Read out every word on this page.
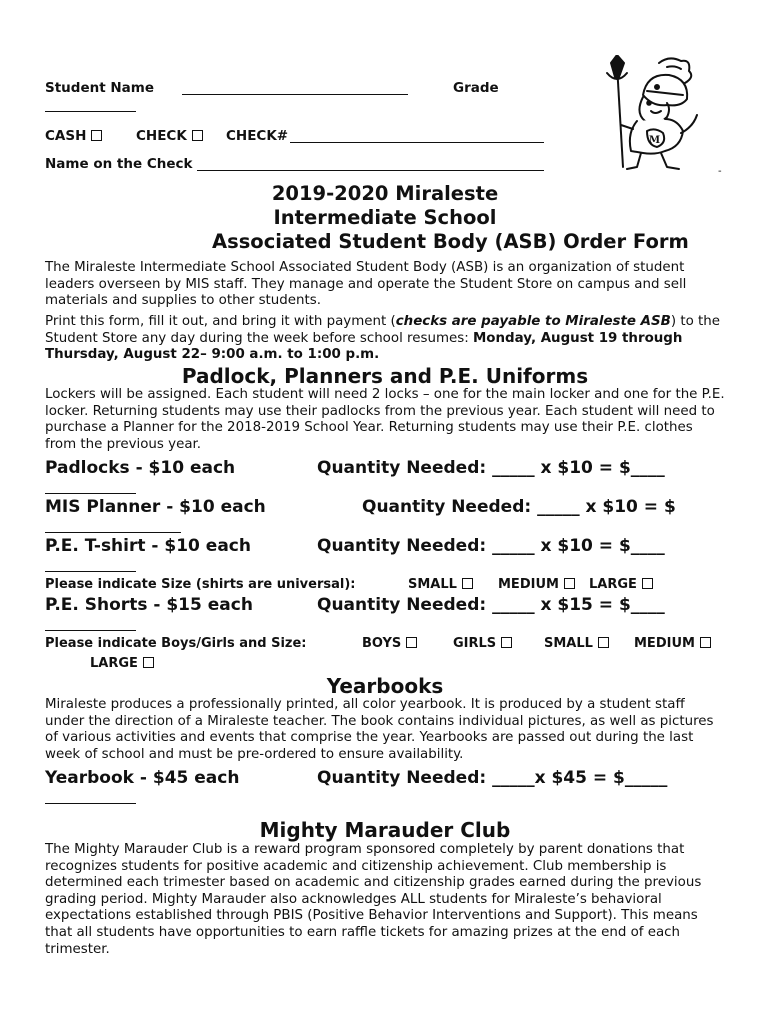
Student Name	Grade
CASH	CHECK	CHECK#
Name on the Check
M
-
2019-2020 Miraleste
Intermediate School
Associated Student Body (ASB) Order Form
The Miraleste Intermediate School Associated Student Body (ASB) is an organization of student leaders overseen by MIS staff. They manage and operate the Student Store on campus and sell materials and supplies to other students.
Print this form, fill it out, and bring it with payment (checks are payable to Miraleste ASB) to the Student Store any day during the week before school resumes: Monday, August 19 through Thursday, August 22– 9:00 a.m. to 1:00 p.m.
Padlock, Planners and P.E. Uniforms
Lockers will be assigned. Each student will need 2 locks – one for the main locker and one for the P.E. locker. Returning students may use their padlocks from the previous year. Each student will need to purchase a Planner for the 2018-2019 School Year. Returning students may use their P.E. clothes from the previous year.
Padlocks - $10 each	Quantity Needed: _____ x $10 = $____
MIS Planner - $10 each	Quantity Needed: _____ x $10 = $
P.E. T-shirt - $10 each	Quantity Needed: _____ x $10 = $____
Please indicate Size (shirts are universal):	SMALL	MEDIUM	LARGE
P.E. Shorts - $15 each	Quantity Needed: _____ x $15 = $____
Please indicate Boys/Girls and Size:	BOYS	GIRLS	SMALL	MEDIUM
LARGE
Yearbooks
Miraleste produces a professionally printed, all color yearbook. It is produced by a student staff under the direction of a Miraleste teacher. The book contains individual pictures, as well as pictures of various activities and events that comprise the year. Yearbooks are passed out during the last week of school and must be pre-ordered to ensure availability.
Yearbook - $45 each	Quantity Needed: _____x $45 = $_____
Mighty Marauder Club
The Mighty Marauder Club is a reward program sponsored completely by parent donations that recognizes students for positive academic and citizenship achievement. Club membership is determined each trimester based on academic and citizenship grades earned during the previous grading period. Mighty Marauder also acknowledges ALL students for Miraleste’s behavioral expectations established through PBIS (Positive Behavior Interventions and Support). This means that all students have opportunities to earn raffle tickets for amazing prizes at the end of each trimester.
